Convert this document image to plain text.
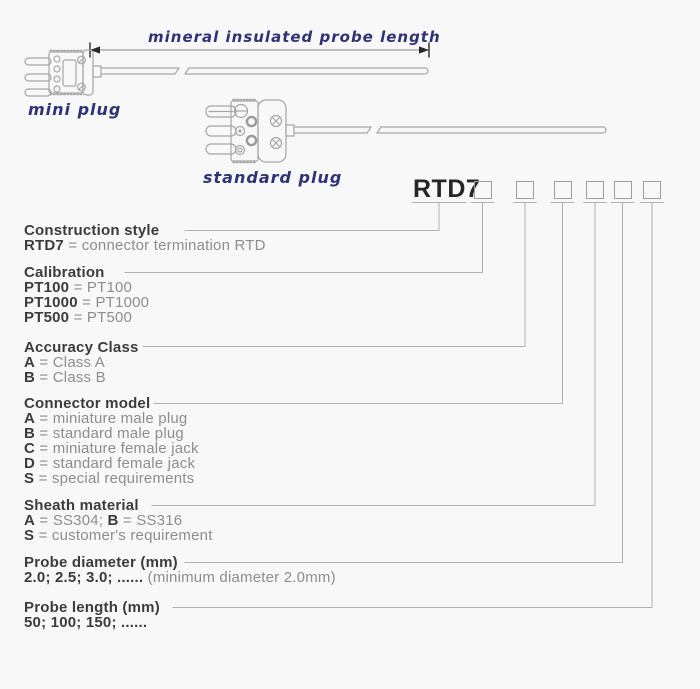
mineral insulated probe length
mini plug
standard plug	RTD7
Construction style
RTD7 = connector termination RTD
Calibration
PT100 = PT100
PT1000 = PT1000
PT500 = PT500
Accuracy Class
A = Class A
B = Class B
Connector model
A = miniature male plug
B = standard male plug
C = miniature female jack
D = standard female jack
S = special requirements
Sheath material
A = SS304; B = SS316
S = customer's requirement
Probe diameter (mm)
2.0; 2.5; 3.0; ...... (minimum diameter 2.0mm)
Probe length (mm)
50; 100; 150; ......
